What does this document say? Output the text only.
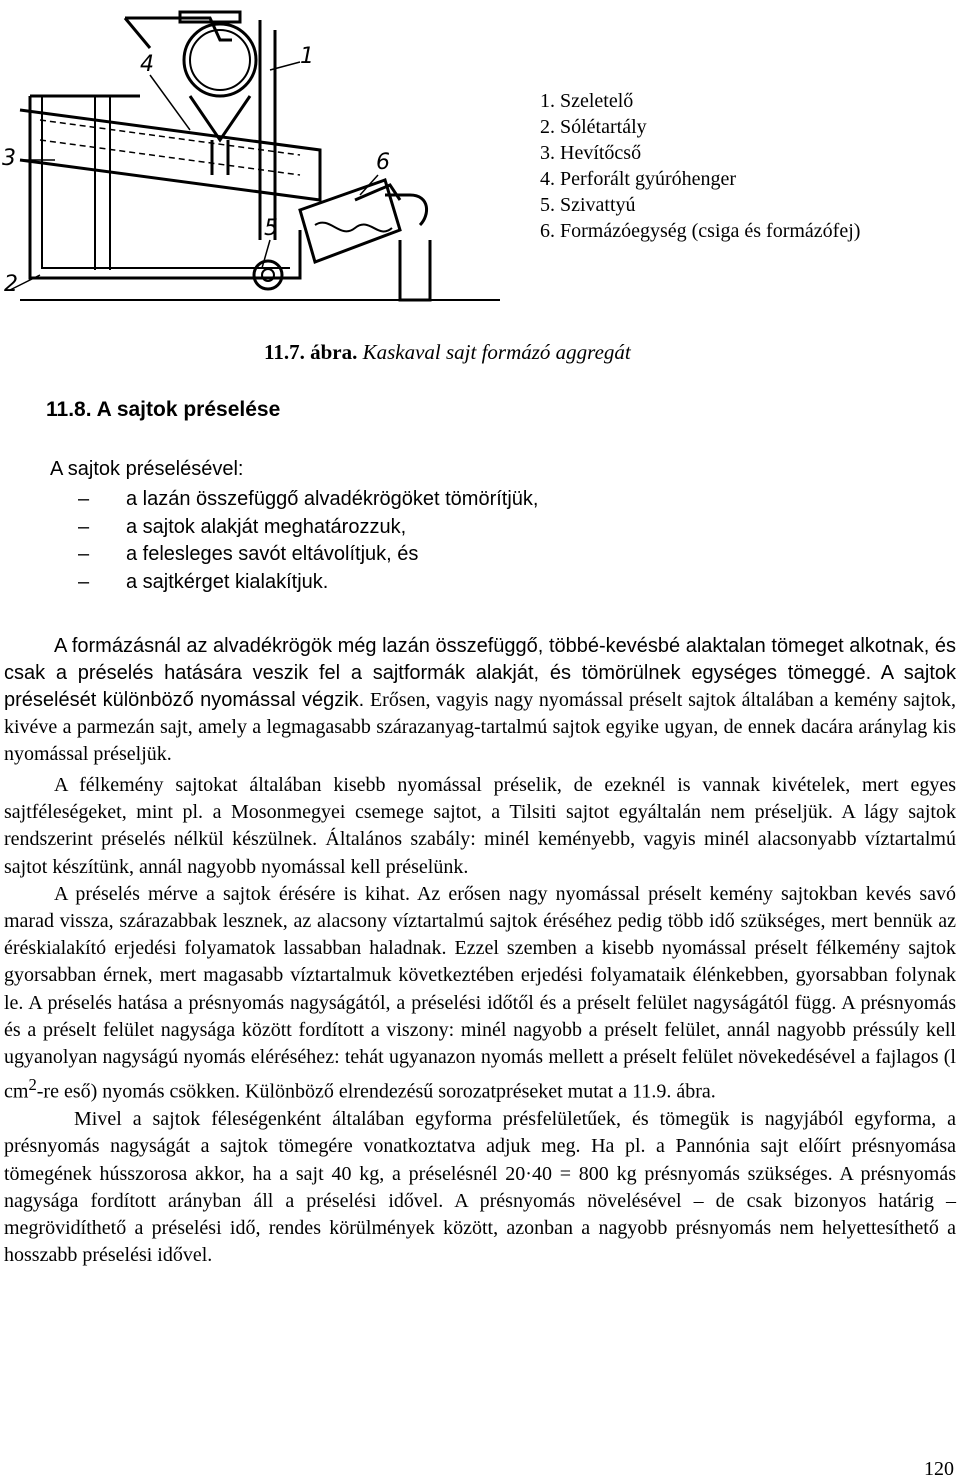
1
2
3
4
5
6
1. Szeletelő
2. Sólétartály
3. Hevítőcső
4. Perforált gyúróhenger
5. Szivattyú
6. Formázóegység (csiga és formázófej)
11.7. ábra. Kaskaval sajt formázó aggregát
11.8. A sajtok préselése
A sajtok préselésével:
–	a lazán összefüggő alvadékrögöket tömörítjük,
–	a sajtok alakját meghatározzuk,
–	a felesleges savót eltávolítjuk, és
–	a sajtkérget kialakítjuk.
A formázásnál az alvadékrögök még lazán összefüggő, többé-kevésbé alaktalan tömeget alkotnak, és csak a préselés hatására veszik fel a sajtformák alakját, és tömörülnek egységes tömeggé. A sajtok préselését különböző nyomással végzik. Erősen, vagyis nagy nyomással préselt sajtok általában a kemény sajtok, kivéve a parmezán sajt, amely a legmagasabb szárazanyag-tartalmú sajtok egyike ugyan, de ennek dacára aránylag kis nyomással préseljük.

A félkemény sajtokat általában kisebb nyomással préselik, de ezeknél is vannak kivételek, mert egyes sajtféleségeket, mint pl. a Mosonmegyei csemege sajtot, a Tilsiti sajtot egyáltalán nem préseljük. A lágy sajtok rendszerint préselés nélkül készülnek. Általános szabály: minél keményebb, vagyis minél alacsonyabb víztartalmú sajtot készítünk, annál nagyobb nyomással kell préselünk.

A préselés mérve a sajtok érésére is kihat. Az erősen nagy nyomással préselt kemény sajtokban kevés savó marad vissza, szárazabbak lesznek, az alacsony víztartalmú sajtok éréséhez pedig több idő szükséges, mert bennük az éréskialakító erjedési folyamatok lassabban haladnak. Ezzel szemben a kisebb nyomással préselt félkemény sajtok gyorsabban érnek, mert magasabb víztartalmuk következtében erjedési folyamataik élénkebben, gyorsabban folynak le. A préselés hatása a présnyomás nagyságától, a préselési időtől és a préselt felület nagyságától függ. A présnyomás és a préselt felület nagysága között fordított a viszony: minél nagyobb a préselt felület, annál nagyobb préssúly kell ugyanolyan nagyságú nyomás eléréséhez: tehát ugyanazon nyomás mellett a préselt felület növekedésével a fajlagos (l $cm^2-re$ eső) nyomás csökken. Különböző elrendezésű sorozatpréseket mutat a 11.9. ábra.

Mivel a sajtok féleségenként általában egyforma présfelületűek, és tömegük is nagyjából egyforma, a présnyomás nagyságát a sajtok tömegére vonatkoztatva adjuk meg. Ha pl. a Pannónia sajt előírt présnyomása tömegének hússzorosa akkor, ha a sajt 40 kg, a préselésnél 20·40 = 800 kg présnyomás szükséges. A présnyomás nagysága fordított arányban áll a préselési idővel. A présnyomás növelésével – de csak bizonyos határig – megrövidíthető a préselési idő, rendes körülmények között, azonban a nagyobb présnyomás nem helyettesíthető a hosszabb préselési idővel.

120
